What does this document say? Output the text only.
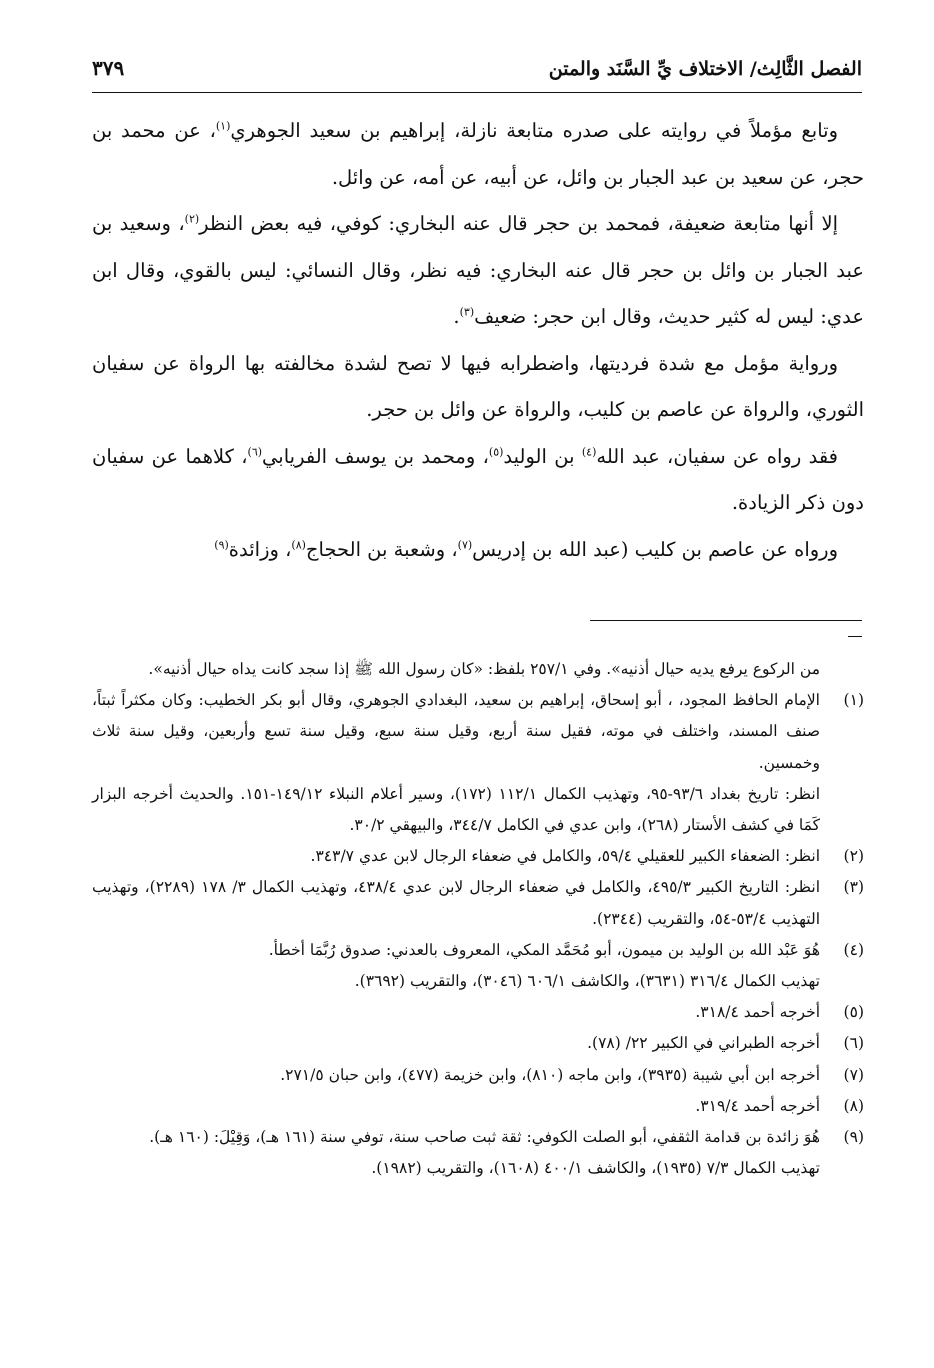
الفصل الثَّالِث/ الاختلاف يِّ السَّنَد والمتن
٣٧٩

وتابع مؤملاً في روايته على صدره متابعة نازلة، إبراهيم بن سعيد الجوهري$^{(١)}$، عن محمد بن حجر، عن سعيد بن عبد الجبار بن وائل، عن أبيه، عن أمه، عن وائل.

إلا أنها متابعة ضعيفة، فمحمد بن حجر قال عنه البخاري: كوفي، فيه بعض النظر$^{(٢)}$، وسعيد بن عبد الجبار بن وائل بن حجر قال عنه البخاري: فيه نظر، وقال النسائي: ليس بالقوي، وقال ابن عدي: ليس له كثير حديث، وقال ابن حجر: ضعيف$^{(٣)}$.

ورواية مؤمل مع شدة فرديتها، واضطرابه فيها لا تصح لشدة مخالفته بها الرواة عن سفيان الثوري، والرواة عن عاصم بن كليب، والرواة عن وائل بن حجر.

فقد رواه عن سفيان، عبد الله$^{(٤)}$ بن الوليد$^{(٥)}$، ومحمد بن يوسف الفريابي$^{(٦)}$، كلاهما عن سفيان دون ذكر الزيادة.

ورواه عن عاصم بن كليب (عبد الله بن إدريس$^{(٧)}$، وشعبة بن الحجاج$^{(٨)}$، وزائدة$^{(٩)}$

من الركوع يرفع يديه حيال أذنيه». وفي ٢٥٧/١ بلفظ: «كان رسول الله ﷺ إذا سجد كانت يداه حيال أذنيه».

(١)

الإمام الحافظ المجود، ، أبو إسحاق، إبراهيم بن سعيد، البغدادي الجوهري، وقال أبو بكر الخطيب: وكان مكثراً ثبتاً، صنف المسند، واختلف في موته، فقيل سنة أربع، وقيل سنة سبع، وقيل سنة تسع وأربعين، وقيل سنة ثلاث وخمسين.

انظر: تاريخ بغداد ٩٣/٦-٩٥، وتهذيب الكمال ١١٢/١ (١٧٢)، وسير أعلام النبلاء ١٤٩/١٢-١٥١. والحديث أخرجه البزار كَمَا في كشف الأستار (٢٦٨)، وابن عدي في الكامل ٣٤٤/٧، والبيهقي ٣٠/٢.

(٢)

انظر: الضعفاء الكبير للعقيلي ٥٩/٤، والكامل في ضعفاء الرجال لابن عدي ٣٤٣/٧.

(٣)

انظر: التاريخ الكبير ٤٩٥/٣، والكامل في ضعفاء الرجال لابن عدي ٤٣٨/٤، وتهذيب الكمال ٣/ ١٧٨ (٢٢٨٩)، وتهذيب التهذيب ٥٣/٤-٥٤، والتقريب (٢٣٤٤).

(٤)

هُوَ عَبْد الله بن الوليد بن ميمون، أبو مُحَمَّد المكي، المعروف بالعدني: صدوق رُبَّمَا أخطأ.

تهذيب الكمال ٣١٦/٤ (٣٦٣١)، والكاشف ٦٠٦/١ (٣٠٤٦)، والتقريب (٣٦٩٢).

(٥)

أخرجه أحمد ٣١٨/٤.

(٦)

أخرجه الطبراني في الكبير ٢٢/ (٧٨).

(٧)

أخرجه ابن أبي شيبة (٣٩٣٥)، وابن ماجه (٨١٠)، وابن خزيمة (٤٧٧)، وابن حبان ٢٧١/٥.

(٨)

أخرجه أحمد ٣١٩/٤.

(٩)

هُوَ زائدة بن قدامة الثقفي، أبو الصلت الكوفي: ثقة ثبت صاحب سنة، توفي سنة (١٦١ هـ)، وَقِيْلَ: (١٦٠ هـ).

تهذيب الكمال ٧/٣ (١٩٣٥)، والكاشف ٤٠٠/١ (١٦٠٨)، والتقريب (١٩٨٢).
